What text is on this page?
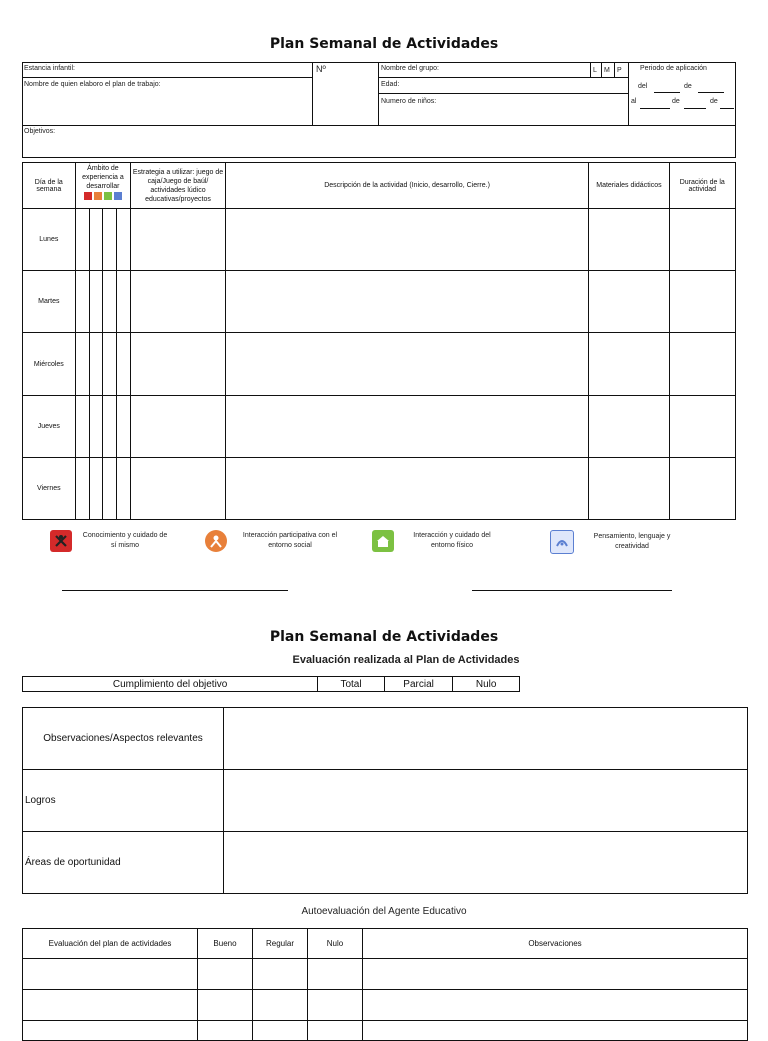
Plan Semanal de Actividades
Estancia infantil:	Nº	Nombre del grupo:	L M P	Periodo de aplicación
del	de
al	de	de
Nombre de quien elaboro el plan de trabajo:	Edad:
Numero de niños:
Objetivos:
Día de la semana	Ámbito de experiencia a desarrollar				Estrategia a utilizar: juego de caja/Juego de baúl/ actividades lúdico educativas/proyectos	Descripción de la actividad (Inicio, desarrollo, Cierre.)	Materiales didácticos	Duración de la actividad
Lunes								
Martes								
Miércoles								
Jueves								
Viernes								
Conocimiento y cuidado de sí mismo
Interacción participativa con el entorno social
Interacción y cuidado del entorno físico
Pensamiento, lenguaje y creatividad
Plan Semanal de Actividades
Evaluación realizada al Plan de Actividades
Cumplimiento del objetivo	Total	Parcial	Nulo
Observaciones/Aspectos relevantes	
Logros	
Áreas de oportunidad	
Autoevaluación del Agente Educativo
Evaluación del plan de actividades	Bueno	Regular	Nulo	Observaciones
